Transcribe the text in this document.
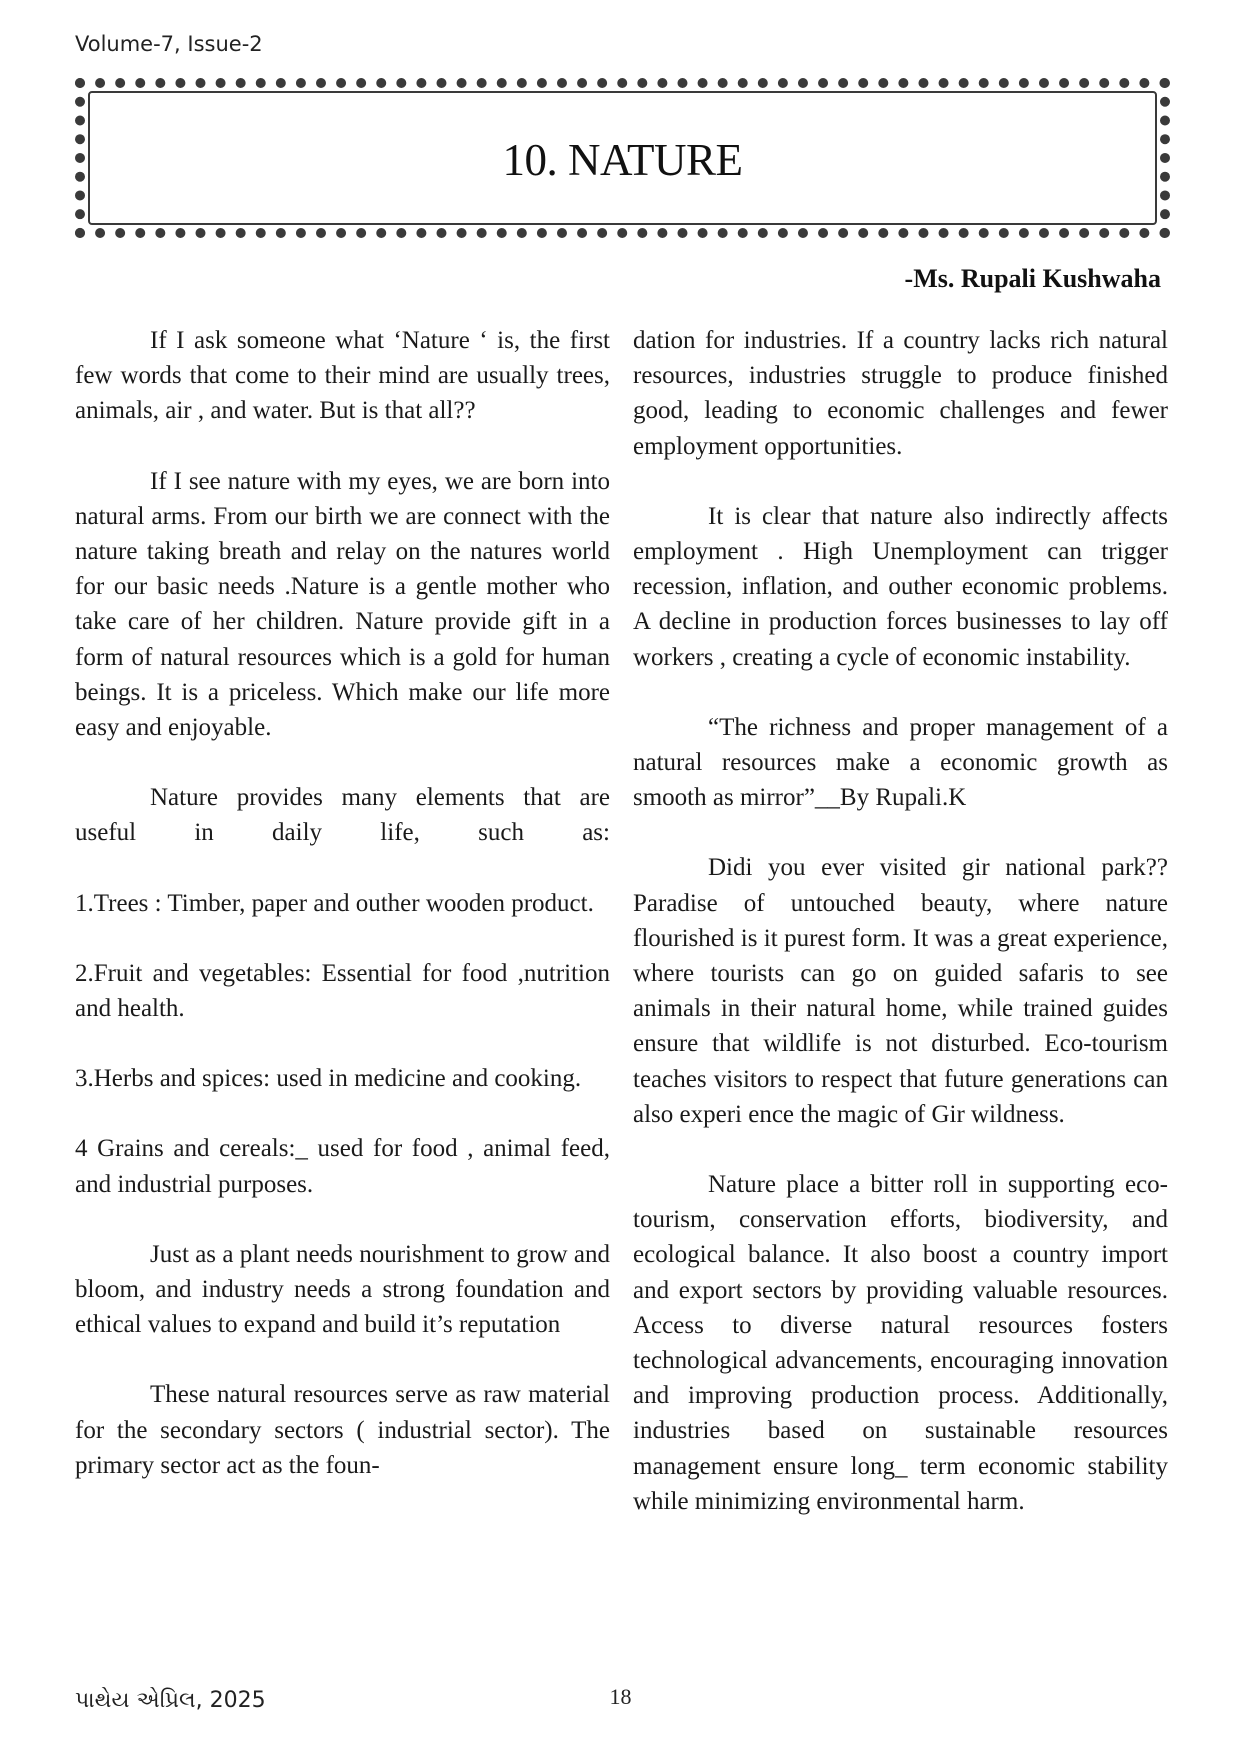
Volume-7, Issue-2
10. NATURE
-Ms. Rupali Kushwaha

If I ask someone what ‘Nature ‘ is, the first few words that come to their mind are usually trees, animals, air , and water. But is that all??

If I see nature with my eyes, we are born into natural arms. From our birth we are connect with the nature taking breath and relay on the natures world for our basic needs .Nature is a gentle mother who take care of her children. Nature provide gift in a form of natural resources which is a gold for human beings. It is a priceless. Which make our life more easy and enjoyable.

Nature provides many elements that are useful in daily life, such as:

1.Trees : Timber, paper and outher wooden product.

2.Fruit and vegetables: Essential for food ,nutrition and health.

3.Herbs and spices: used in medicine and cooking.

4 Grains and cereals:_ used for food , animal feed, and industrial purposes.

Just as a plant needs nourishment to grow and bloom, and industry needs a strong foundation and ethical values to expand and build it’s reputation

These natural resources serve as raw material for the secondary sectors ( industrial sector). The primary sector act as the foun-

dation for industries. If a country lacks rich natural resources, industries struggle to produce finished good, leading to economic challenges and fewer employment opportunities.

It is clear that nature also indirectly affects employment . High Unemployment can trigger recession, inflation, and outher economic problems. A decline in production forces businesses to lay off workers , creating a cycle of economic instability.

“The richness and proper management of a natural resources make a economic growth as smooth as mirror”__By Rupali.K

Didi you ever visited gir national park?? Paradise of untouched beauty, where nature flourished is it purest form. It was a great experience, where tourists can go on guided safaris to see animals in their natural home, while trained guides ensure that wildlife is not disturbed. Eco-tourism teaches visitors to respect that future generations can also experi ence the magic of Gir wildness.

Nature place a bitter roll in supporting eco- tourism, conservation efforts, biodiversity, and ecological balance. It also boost a country import and export sectors by providing valuable resources. Access to diverse natural resources fosters technological advancements, encouraging innovation and improving production process. Additionally, industries based on sustainable resources management ensure long_ term economic stability while minimizing environmental harm.

પાથેય એપ્રિલ, 2025	18
